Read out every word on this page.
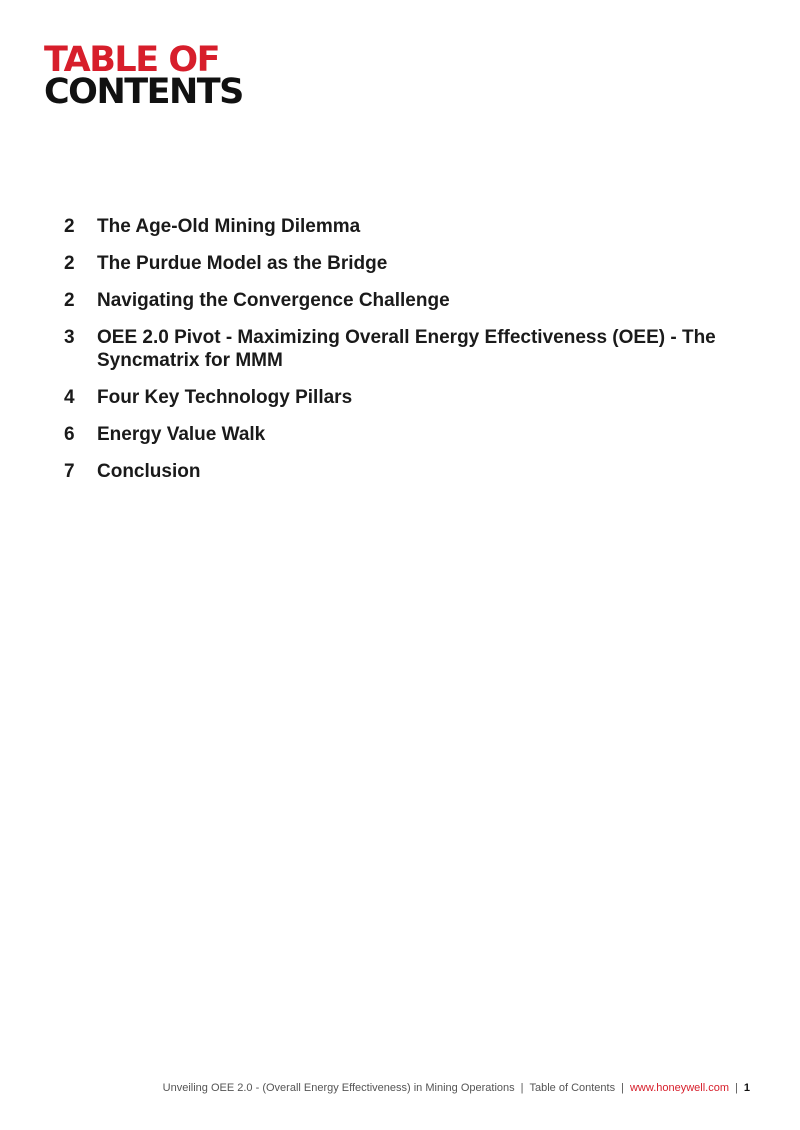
TABLE OF
CONTENTS
2	The Age-Old Mining Dilemma
2	The Purdue Model as the Bridge
2	Navigating the Convergence Challenge
3	OEE 2.0 Pivot - Maximizing Overall Energy Effectiveness (OEE) - The Syncmatrix for MMM
4	Four Key Technology Pillars
6	Energy Value Walk
7	Conclusion
Unveiling OEE 2.0 - (Overall Energy Effectiveness) in Mining Operations | Table of Contents | www.honeywell.com | 1
